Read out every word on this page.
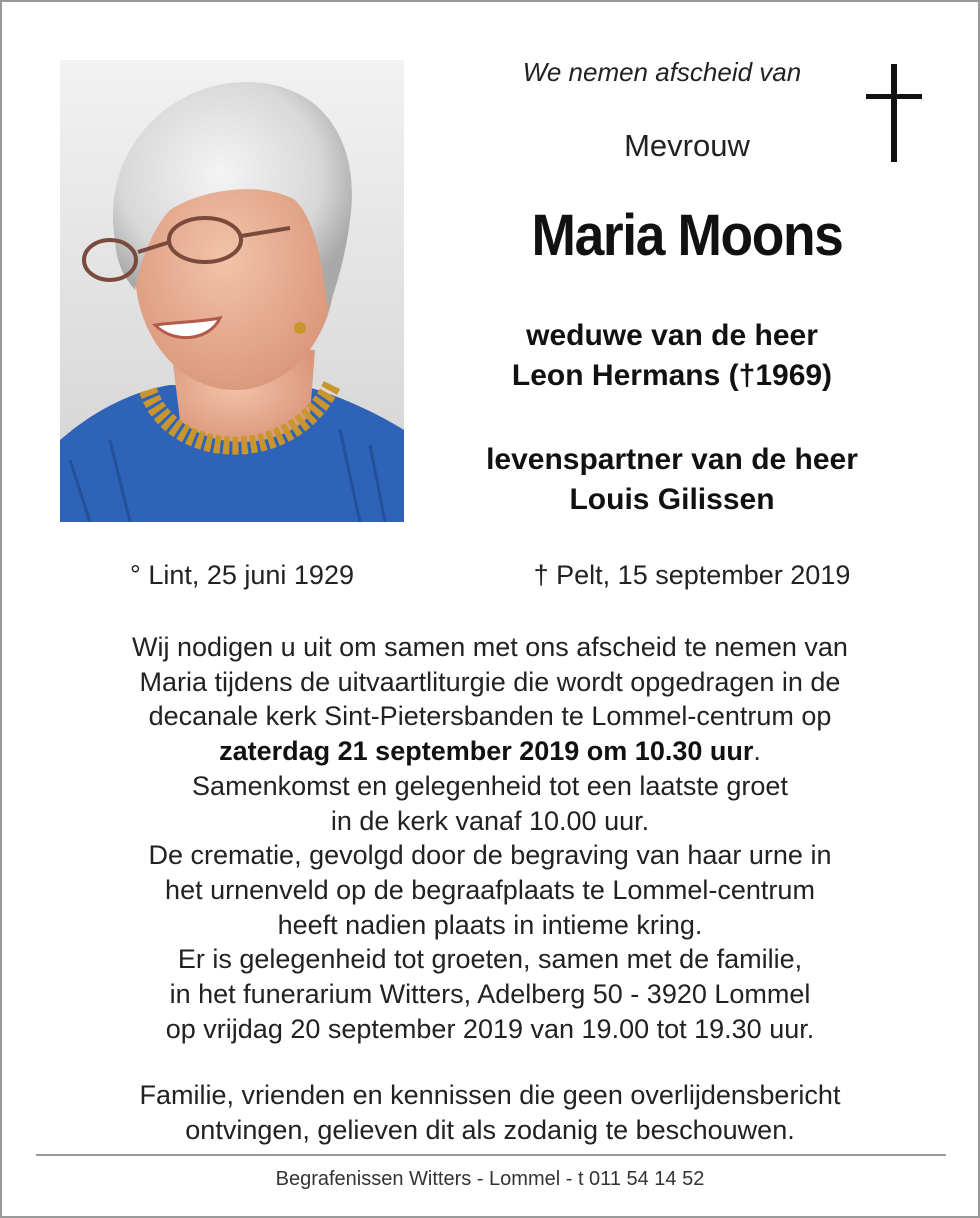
We nemen afscheid van
Mevrouw
Maria Moons
weduwe van de heer
Leon Hermans (†1969)
levenspartner van de heer
Louis Gilissen
° Lint, 25 juni 1929	† Pelt, 15 september 2019

Wij nodigen u uit om samen met ons afscheid te nemen van

Maria tijdens de uitvaartliturgie die wordt opgedragen in de

decanale kerk Sint-Pietersbanden te Lommel-centrum op

zaterdag 21 september 2019 om 10.30 uur.

Samenkomst en gelegenheid tot een laatste groet

in de kerk vanaf 10.00 uur.

De crematie, gevolgd door de begraving van haar urne in

het urnenveld op de begraafplaats te Lommel-centrum

heeft nadien plaats in intieme kring.

Er is gelegenheid tot groeten, samen met de familie,

in het funerarium Witters, Adelberg 50 - 3920 Lommel

op vrijdag 20 september 2019 van 19.00 tot 19.30 uur.

Familie, vrienden en kennissen die geen overlijdensbericht

ontvingen, gelieven dit als zodanig te beschouwen.

Begrafenissen Witters - Lommel - t 011 54 14 52
